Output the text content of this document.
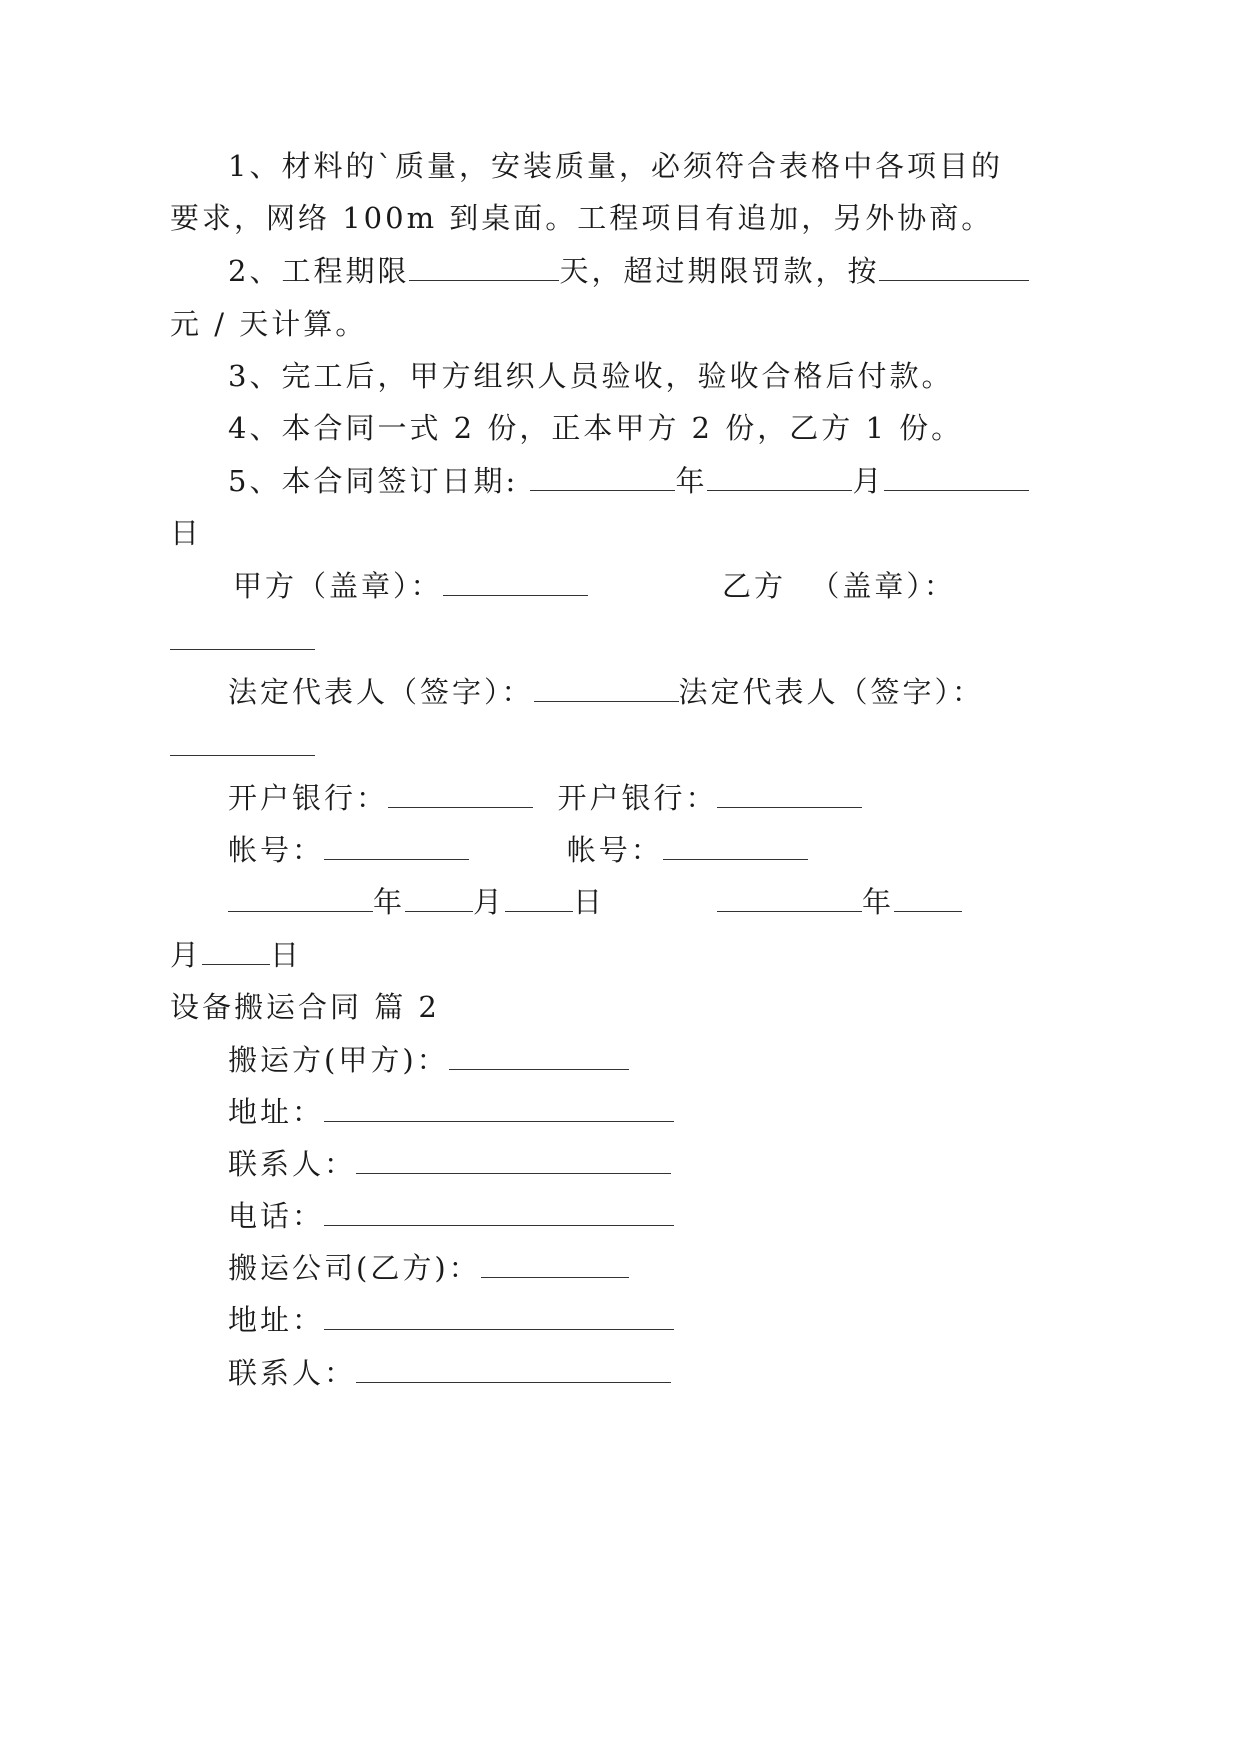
1、材料的`质量，安装质量，必须符合表格中各项目的
要求，网络 100m 到桌面。工程项目有追加，另外协商。
2、工程期限	天，超过期限罚款，按
元 / 天计算。
3、完工后，甲方组织人员验收，验收合格后付款。
4、本合同一式 2 份，正本甲方 2 份，乙方 1 份。
5、本合同签订日期:	年	月
日
甲方（盖章）：	乙方  （盖章）：
法定代表人（签字）：	法定代表人（签字）：
开户银行：	开户银行：
帐号：	帐号：
年 月 日	年
月 日
设备搬运合同 篇 2
搬运方(甲方)：
地址：
联系人：
电话：
搬运公司(乙方)：
地址：
联系人：
